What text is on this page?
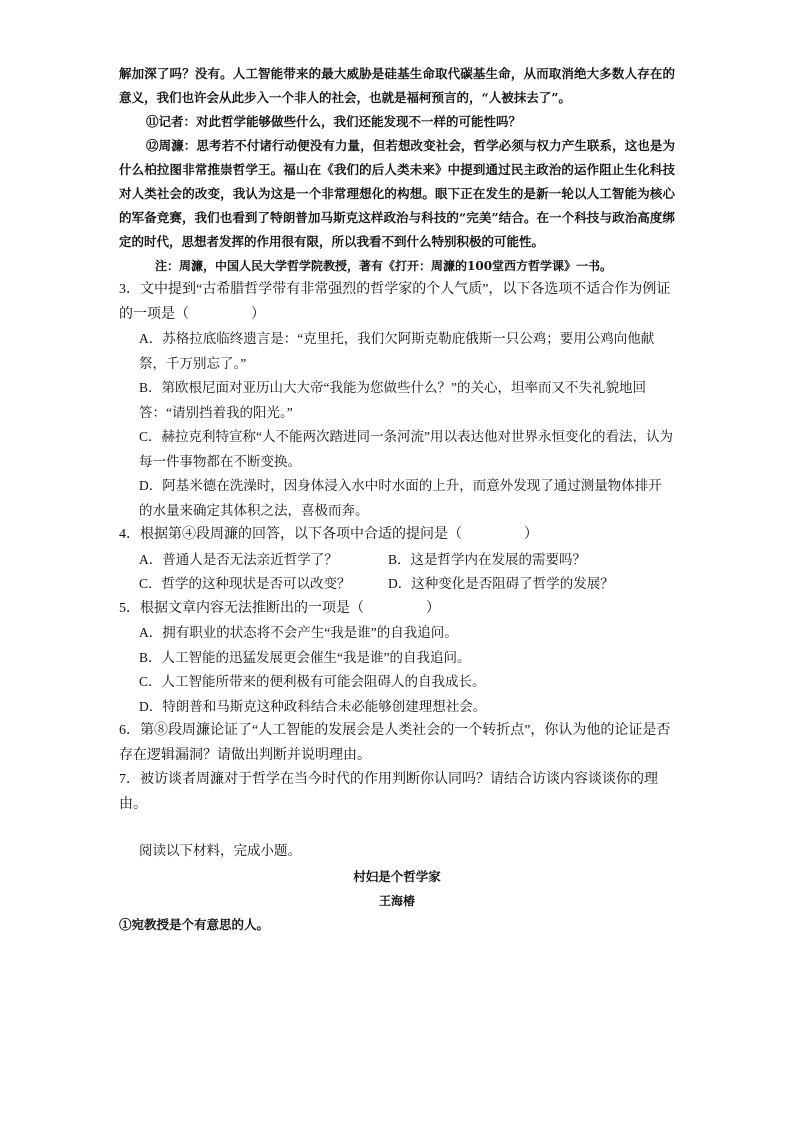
解加深了吗？没有。人工智能带来的最大威胁是硅基生命取代碳基生命，从而取消绝大多数人存在的意义，我们也许会从此步入一个非人的社会，也就是福柯预言的，“人被抹去了”。

⑪记者：对此哲学能够做些什么，我们还能发现不一样的可能性吗？

⑫周濂：思考若不付诸行动便没有力量，但若想改变社会，哲学必须与权力产生联系，这也是为什么柏拉图非常推崇哲学王。福山在《我们的后人类未来》中提到通过民主政治的运作阻止生化科技对人类社会的改变，我认为这是一个非常理想化的构想。眼下正在发生的是新一轮以人工智能为核心的军备竞赛，我们也看到了特朗普加马斯克这样政治与科技的“完美”结合。在一个科技与政治高度绑定的时代，思想者发挥的作用很有限，所以我看不到什么特别积极的可能性。

注：周濂，中国人民大学哲学院教授，著有《打开：周濂的100堂西方哲学课》一书。

3．文中提到“古希腊哲学带有非常强烈的哲学家的个人气质”，以下各选项不适合作为例证的一项是（	）

A．苏格拉底临终遗言是：“克里托，我们欠阿斯克勒庇俄斯一只公鸡；要用公鸡向他献祭，千万别忘了。”

B．第欧根尼面对亚历山大大帝“我能为您做些什么？”的关心，坦率而又不失礼貌地回答：“请别挡着我的阳光。”

C．赫拉克利特宣称“人不能两次踏进同一条河流”用以表达他对世界永恒变化的看法，认为每一件事物都在不断变换。

D．阿基米德在洗澡时，因身体浸入水中时水面的上升，而意外发现了通过测量物体排开的水量来确定其体积之法，喜极而奔。

4．根据第④段周濂的回答，以下各项中合适的提问是（	）

A．普通人是否无法亲近哲学了？	B．这是哲学内在发展的需要吗？
C．哲学的这种现状是否可以改变？	D．这种变化是否阻碍了哲学的发展？

5．根据文章内容无法推断出的一项是（	）

A．拥有职业的状态将不会产生“我是谁”的自我追问。

B．人工智能的迅猛发展更会催生“我是谁”的自我追问。

C．人工智能所带来的便利极有可能会阻碍人的自我成长。

D．特朗普和马斯克这种政科结合未必能够创建理想社会。

6．第⑧段周濂论证了“人工智能的发展会是人类社会的一个转折点”，你认为他的论证是否存在逻辑漏洞？请做出判断并说明理由。

7．被访谈者周濂对于哲学在当今时代的作用判断你认同吗？请结合访谈内容谈谈你的理由。

阅读以下材料，完成小题。

村妇是个哲学家

王海椿

①宛教授是个有意思的人。
